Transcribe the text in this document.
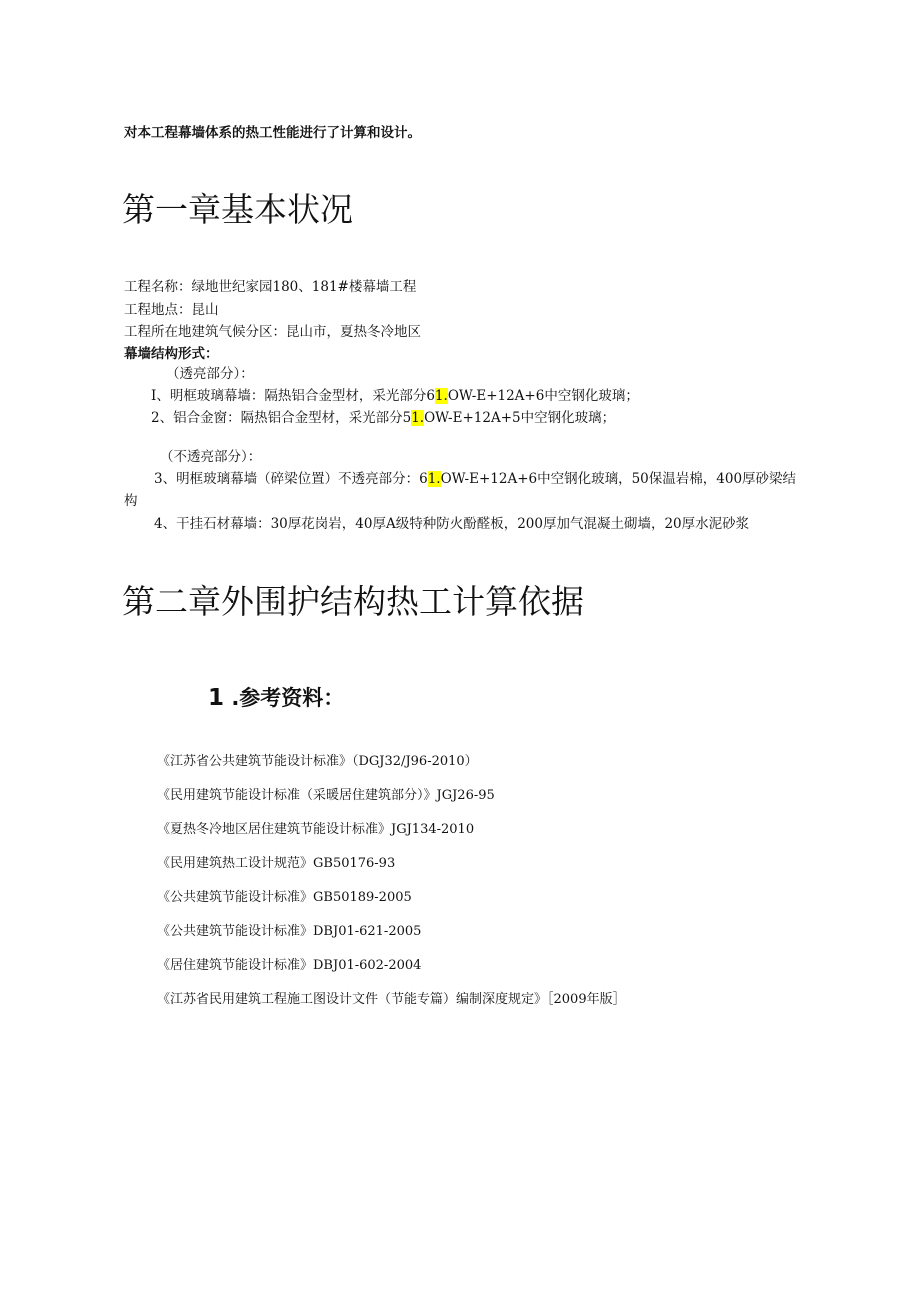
对本工程幕墙体系的热工性能进行了计算和设计。
第一章基本状况
工程名称：绿地世纪家园180、181#楼幕墙工程
工程地点：昆山
工程所在地建筑气候分区：昆山市，夏热冬冷地区
幕墙结构形式：
（透亮部分）：
I、明框玻璃幕墙：隔热铝合金型材，采光部分61.OW-E+12A+6中空钢化玻璃；
2、铝合金窗：隔热铝合金型材，采光部分51.OW-E+12A+5中空钢化玻璃；
（不透亮部分）：
3、明框玻璃幕墙（碎梁位置）不透亮部分：61.OW-E+12A+6中空钢化玻璃，50保温岩棉，400厚砂梁结
构
4、干挂石材幕墙：30厚花岗岩，40厚A级特种防火酚醛板，200厚加气混凝土砌墙，20厚水泥砂浆
第二章外围护结构热工计算依据
1 .参考资料：
《江苏省公共建筑节能设计标准》（DGJ32/J96-2010）
《民用建筑节能设计标准（采暖居住建筑部分）》JGJ26-95
《夏热冬冷地区居住建筑节能设计标准》JGJ134-2010
《民用建筑热工设计规范》GB50176-93
《公共建筑节能设计标准》GB50189-2005
《公共建筑节能设计标准》DBJ01-621-2005
《居住建筑节能设计标准》DBJ01-602-2004
《江苏省民用建筑工程施工图设计文件（节能专篇）编制深度规定》［2009年版］
